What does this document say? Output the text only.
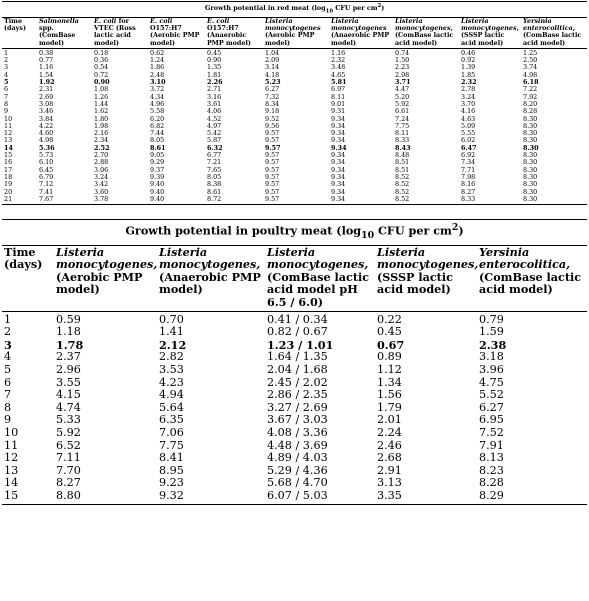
Growth potential in red meat ($\log_{10}$ CFU per $cm^2$)									
Time (days)	Salmonella spp. (ComBase model)	E. coli for VTEC (Ross lactic acid model)	E. coli O157:H7 (Aerobic PMP model)	E. coli O157:H7 (Anaerobic PMP model)	Listeria monocytogenes (Aerobic PMP model)	Listeria monocytogenes (Anaerobic PMP model)	Listeria monocytogenes, (ComBase lactic acid model)	Listeria monocytogenes, (SSSP lactic acid model)	Yersinia enterocolitica, (ComBase lactic acid model)
1	0.38	0.18	0.62	0.45	1.04	1.16	0.74	0.46	1.25
2	0.77	0.36	1.24	0.90	2.09	2.32	1.50	0.92	2.50
3	1.16	0.54	1.86	1.35	3.14	3.48	2.23	1.39	3.74
4	1.54	0.72	2.48	1.81	4.18	4.65	2.98	1.85	4.98
5	1.92	0.90	3.10	2.26	5.23	5.81	3.71	2.32	6.18
6	2.31	1.08	3.72	2.71	6.27	6.97	4.47	2.78	7.22
7	2.69	1.26	4.34	3.16	7.32	8.11	5.20	3.24	7.92
8	3.08	1.44	4.96	3.61	8.34	9.01	5.92	3.70	8.20
9	3.46	1.62	5.58	4.06	9.18	9.31	6.61	4.16	8.28
10	3.84	1.80	6.20	4.52	9.52	9.34	7.24	4.63	8.30
11	4.22	1.98	6.82	4.97	9.56	9.34	7.75	5.09	8.30
12	4.60	2.16	7.44	5.42	9.57	9.34	8.11	5.55	8.30
13	4.98	2.34	8.05	5.87	9.57	9.34	8.33	6.02	8.30
14	5.36	2.52	8.61	6.32	9.57	9.34	8.43	6.47	8.30
15	5.73	2.70	9.05	6.77	9.57	9.34	8.48	6.92	8.30
16	6.10	2.88	9.29	7.21	9.57	9.34	8.51	7.34	8.30
17	6.45	3.06	9.37	7.65	9.57	9.34	8.51	7.71	8.30
18	6.79	3.24	9.39	8.05	9.57	9.34	8.52	7.98	8.30
19	7.12	3.42	9.40	8.38	9.57	9.34	8.52	8.16	8.30
20	7.41	3.60	9.40	8.61	9.57	9.34	8.52	8.27	8.30
21	7.67	3.78	9.40	8.72	9.57	9.34	8.52	8.33	8.30
Growth potential in poultry meat ($\log_{10}$ CFU per $cm^2$)					
Time (days)	Listeria monocytogenes, (Aerobic PMP model)	Listeria monocytogenes, (Anaerobic PMP model)	Listeria monocytogenes, (ComBase lactic acid model pH 6.5 / 6.0)	Listeria monocytogenes, (SSSP lactic acid model)	Yersinia enterocolitica, (ComBase lactic acid model)
1	0.59	0.70	0.41 / 0.34	0.22	0.79
2	1.18	1.41	0.82 / 0.67	0.45	1.59
3	1.78	2.12	1.23 / 1.01	0.67	2.38
4	2.37	2.82	1.64 / 1.35	0.89	3.18
5	2.96	3.53	2.04 / 1.68	1.12	3.96
6	3.55	4.23	2.45 / 2.02	1.34	4.75
7	4.15	4.94	2.86 / 2.35	1.56	5.52
8	4.74	5.64	3.27 / 2.69	1.79	6.27
9	5.33	6.35	3.67 / 3.03	2.01	6.95
10	5.92	7.06	4.08 / 3.36	2.24	7.52
11	6.52	7.75	4.48 / 3.69	2.46	7.91
12	7.11	8.41	4.89 / 4.03	2.68	8.13
13	7.70	8.95	5.29 / 4.36	2.91	8.23
14	8.27	9.23	5.68 / 4.70	3.13	8.28
15	8.80	9.32	6.07 / 5.03	3.35	8.29
